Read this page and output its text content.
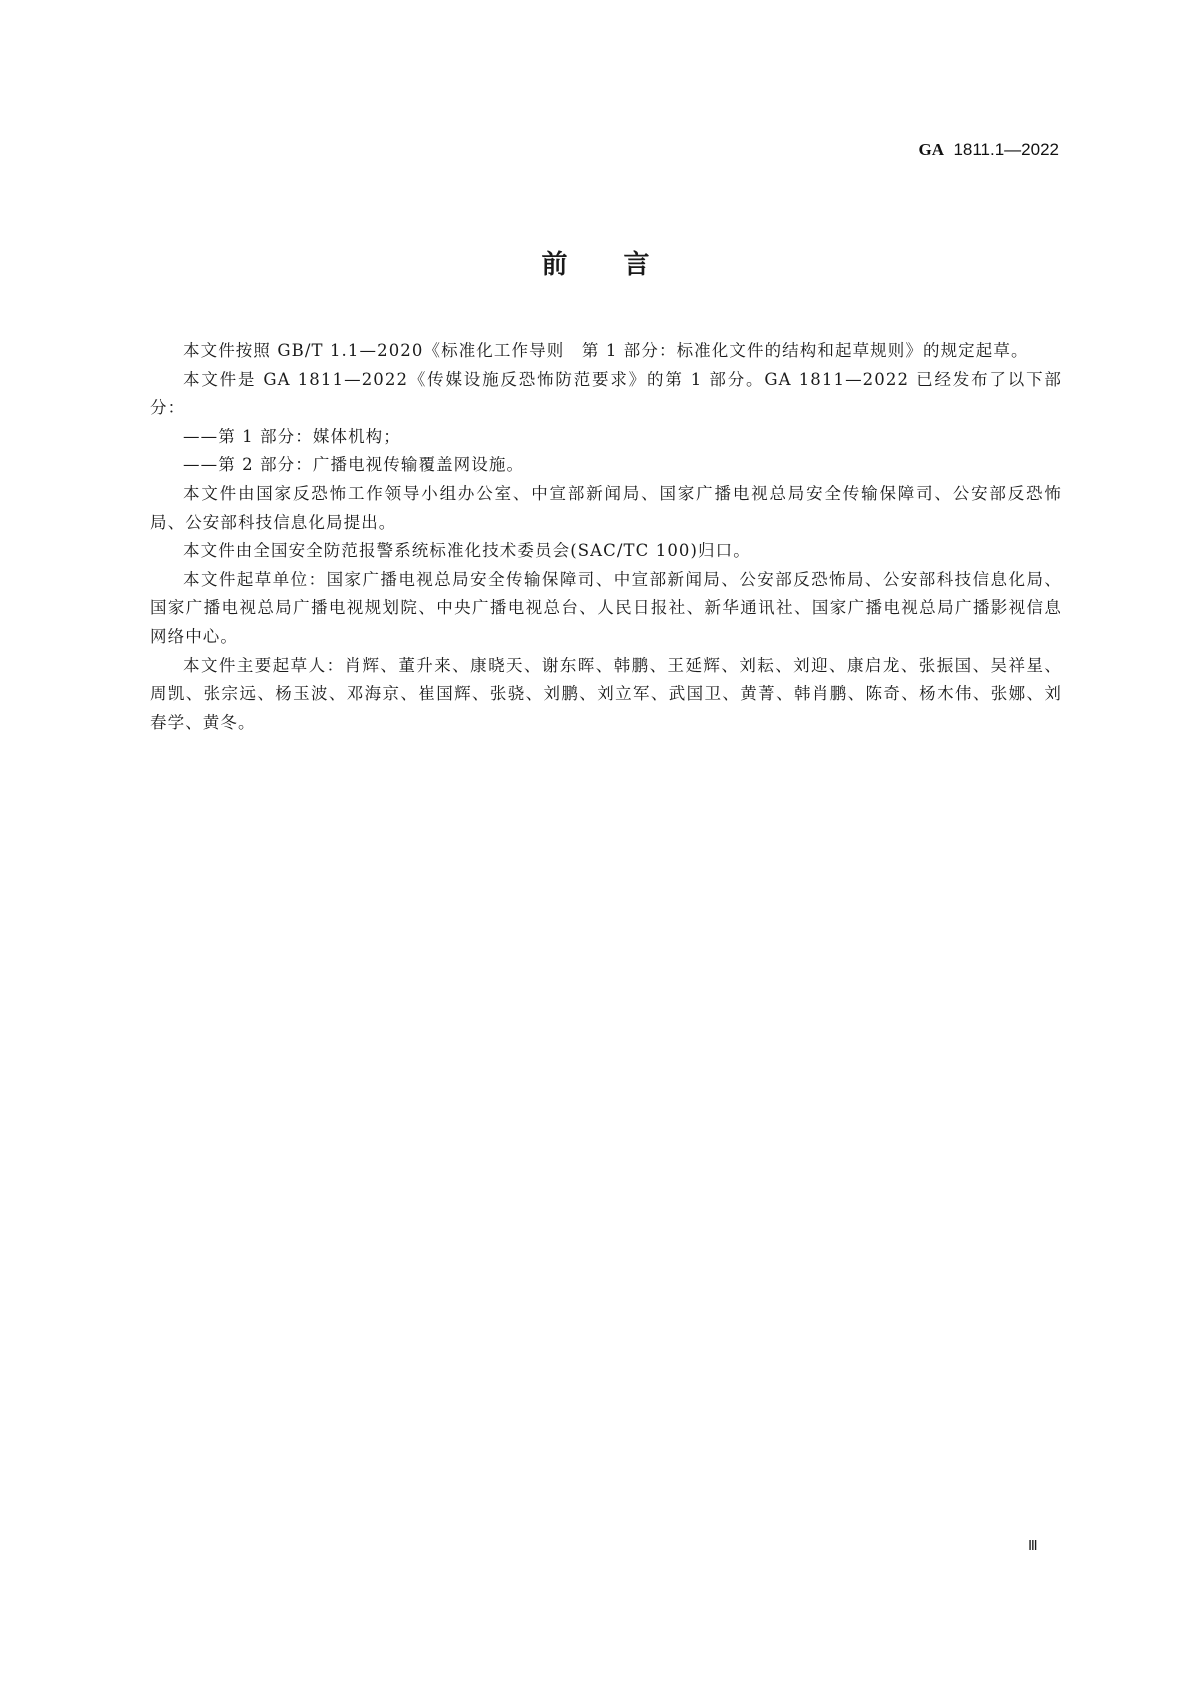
GA 1811.1—2022
前 言

本文件按照 GB/T 1.1—2020《标准化工作导则　第 1 部分：标准化文件的结构和起草规则》的规定起草。

本文件是 GA 1811—2022《传媒设施反恐怖防范要求》的第 1 部分。GA 1811—2022 已经发布了以下部分：

——第 1 部分：媒体机构；

——第 2 部分：广播电视传输覆盖网设施。

本文件由国家反恐怖工作领导小组办公室、中宣部新闻局、国家广播电视总局安全传输保障司、公安部反恐怖局、公安部科技信息化局提出。

本文件由全国安全防范报警系统标准化技术委员会(SAC/TC 100)归口。

本文件起草单位：国家广播电视总局安全传输保障司、中宣部新闻局、公安部反恐怖局、公安部科技信息化局、国家广播电视总局广播电视规划院、中央广播电视总台、人民日报社、新华通讯社、国家广播电视总局广播影视信息网络中心。

本文件主要起草人：肖辉、董升来、康晓天、谢东晖、韩鹏、王延辉、刘耘、刘迎、康启龙、张振国、吴祥星、周凯、张宗远、杨玉波、邓海京、崔国辉、张骁、刘鹏、刘立军、武国卫、黄菁、韩肖鹏、陈奇、杨木伟、张娜、刘春学、黄冬。

Ⅲ
